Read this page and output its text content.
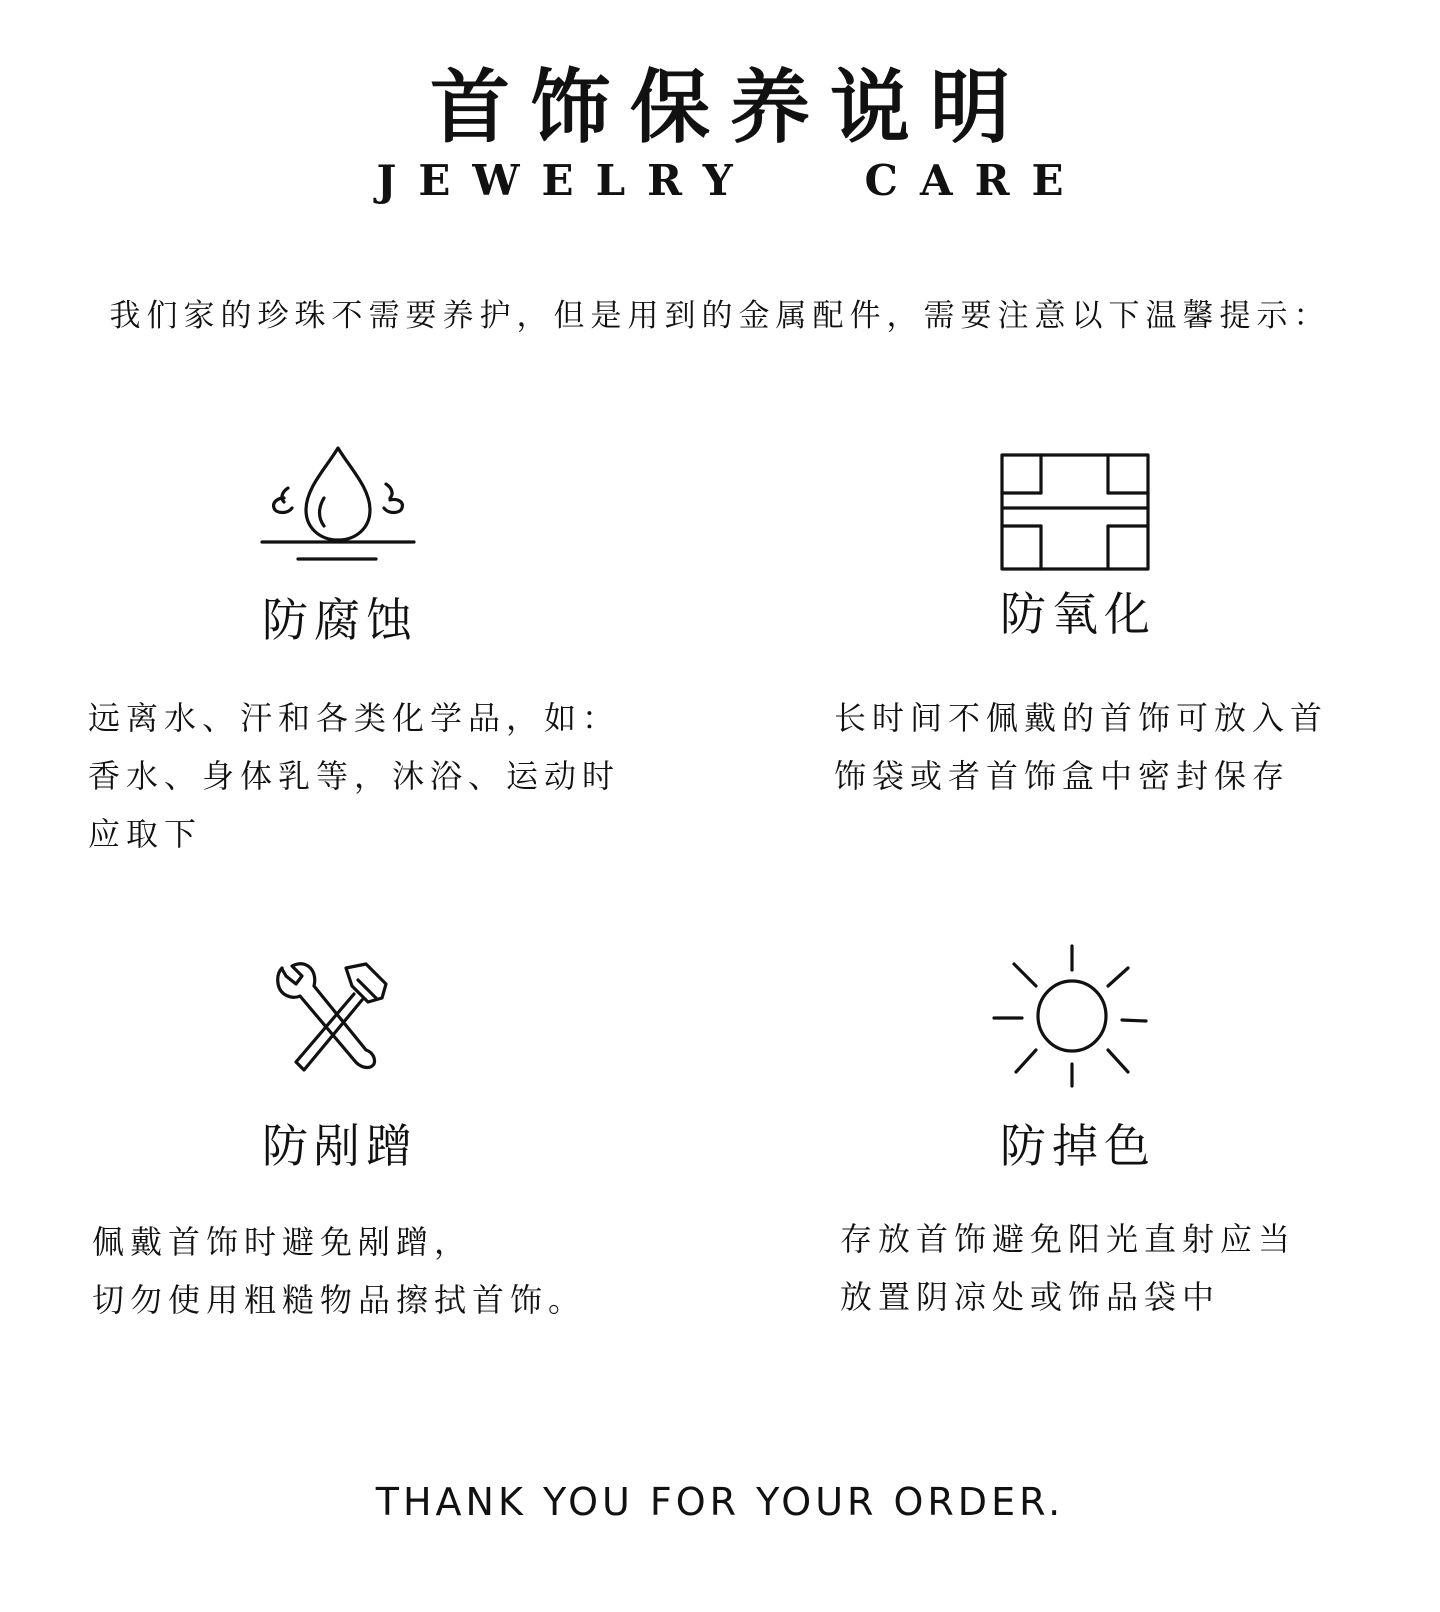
首饰保养说明
JEWELRY   CARE
我们家的珍珠不需要养护，但是用到的金属配件，需要注意以下温馨提示：
防腐蚀
远离水、汗和各类化学品，如：
香水、身体乳等，沐浴、运动时
应取下
防氧化
长时间不佩戴的首饰可放入首
饰袋或者首饰盒中密封保存
防剐蹭
佩戴首饰时避免剐蹭，
切勿使用粗糙物品擦拭首饰。
防掉色
存放首饰避免阳光直射应当
放置阴凉处或饰品袋中
THANK YOU FOR YOUR ORDER.
